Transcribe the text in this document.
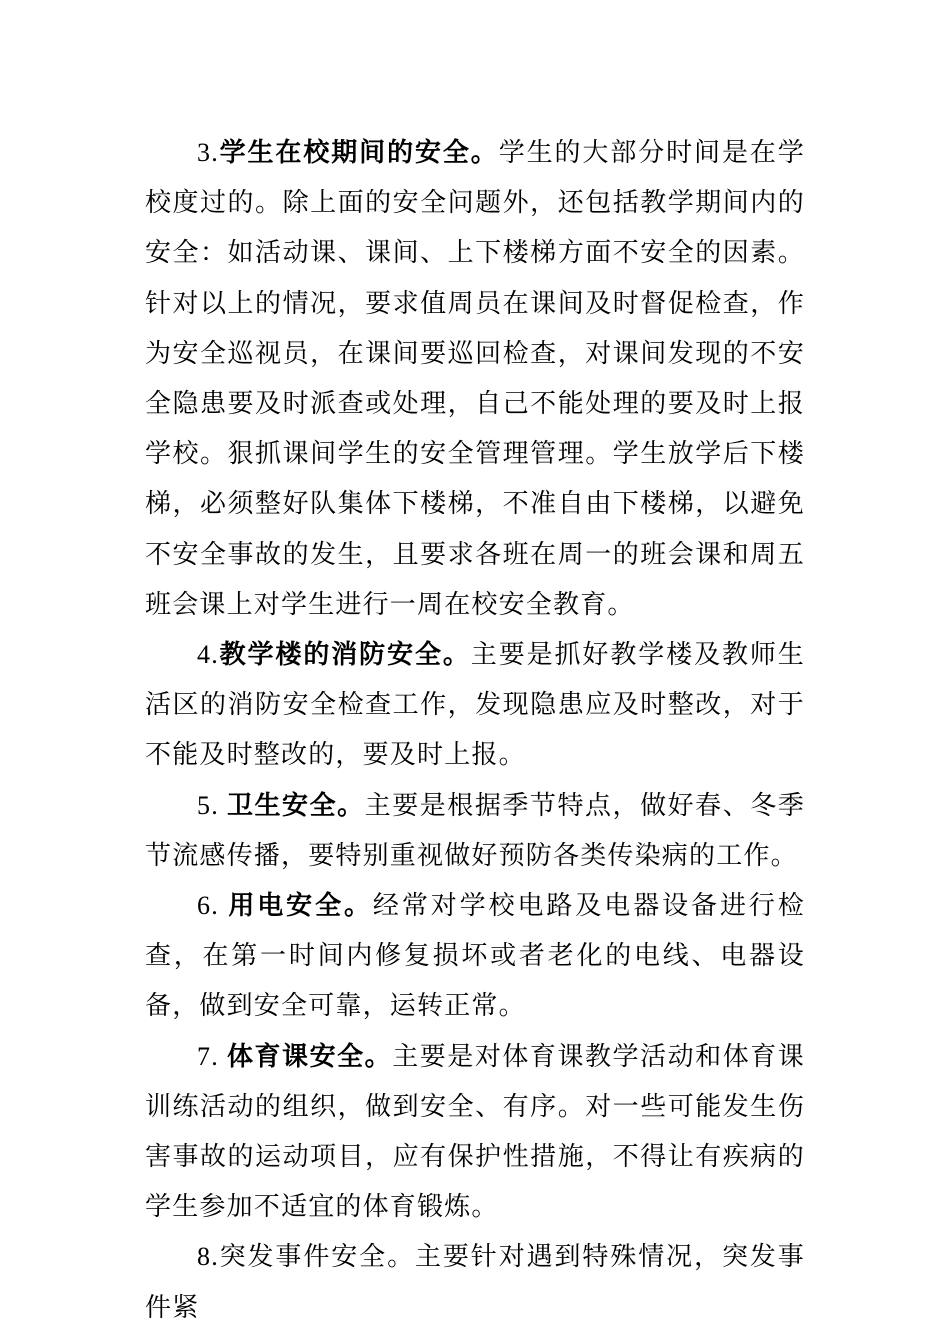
3.学生在校期间的安全。学生的大部分时间是在学校度过的。除上面的安全问题外，还包括教学期间内的安全：如活动课、课间、上下楼梯方面不安全的因素。针对以上的情况，要求值周员在课间及时督促检查，作为安全巡视员，在课间要巡回检查，对课间发现的不安全隐患要及时派查或处理，自己不能处理的要及时上报学校。狠抓课间学生的安全管理管理。学生放学后下楼梯，必须整好队集体下楼梯，不准自由下楼梯，以避免不安全事故的发生，且要求各班在周一的班会课和周五班会课上对学生进行一周在校安全教育。

4.教学楼的消防安全。主要是抓好教学楼及教师生活区的消防安全检查工作，发现隐患应及时整改，对于不能及时整改的，要及时上报。

5. 卫生安全。主要是根据季节特点，做好春、冬季节流感传播，要特别重视做好预防各类传染病的工作。

6. 用电安全。经常对学校电路及电器设备进行检查，在第一时间内修复损坏或者老化的电线、电器设备，做到安全可靠，运转正常。

7. 体育课安全。主要是对体育课教学活动和体育课训练活动的组织，做到安全、有序。对一些可能发生伤害事故的运动项目，应有保护性措施，不得让有疾病的学生参加不适宜的体育锻炼。

8.突发事件安全。主要针对遇到特殊情况，突发事件紧
